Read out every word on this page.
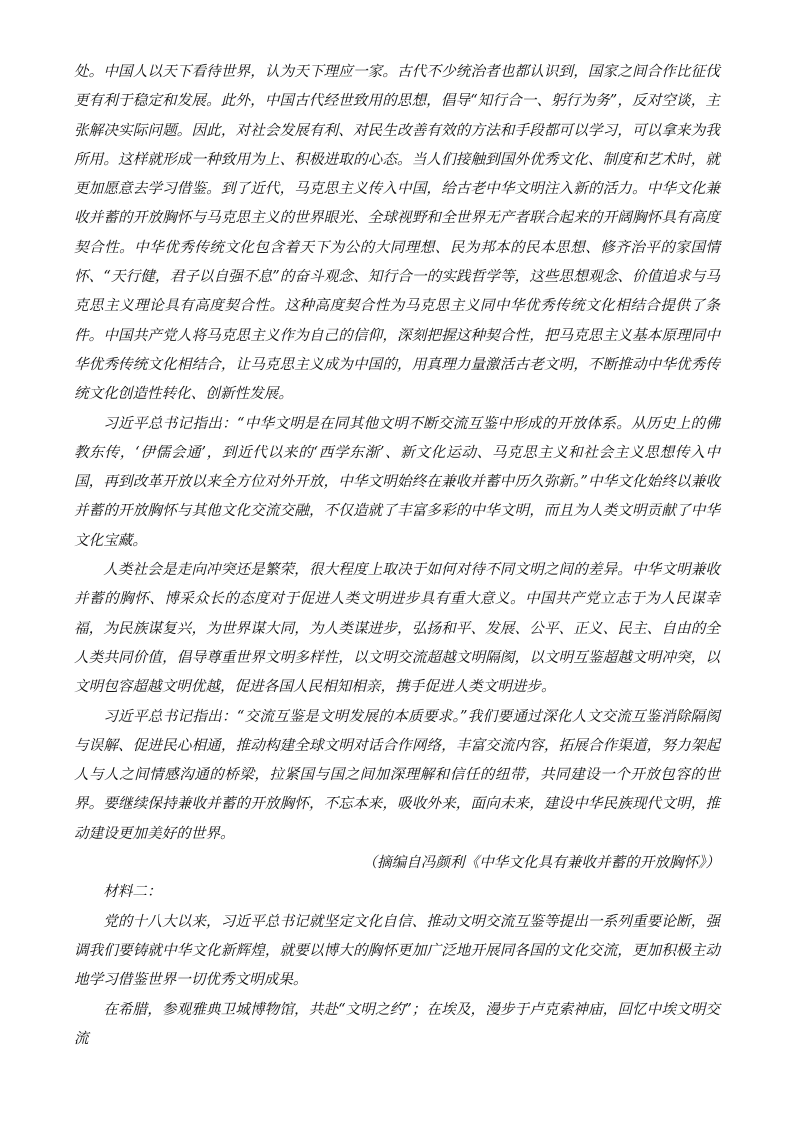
处。中国人以天下看待世界，认为天下理应一家。古代不少统治者也都认识到，国家之间合作比征伐更有利于稳定和发展。此外，中国古代经世致用的思想，倡导“知行合一、躬行为务”，反对空谈，主张解决实际问题。因此，对社会发展有利、对民生改善有效的方法和手段都可以学习，可以拿来为我所用。这样就形成一种致用为上、积极进取的心态。当人们接触到国外优秀文化、制度和艺术时，就更加愿意去学习借鉴。到了近代，马克思主义传入中国，给古老中华文明注入新的活力。中华文化兼收并蓄的开放胸怀与马克思主义的世界眼光、全球视野和全世界无产者联合起来的开阔胸怀具有高度契合性。中华优秀传统文化包含着天下为公的大同理想、民为邦本的民本思想、修齐治平的家国情怀、“天行健，君子以自强不息”的奋斗观念、知行合一的实践哲学等，这些思想观念、价值追求与马克思主义理论具有高度契合性。这种高度契合性为马克思主义同中华优秀传统文化相结合提供了条件。中国共产党人将马克思主义作为自己的信仰，深刻把握这种契合性，把马克思主义基本原理同中华优秀传统文化相结合，让马克思主义成为中国的，用真理力量激活古老文明，不断推动中华优秀传统文化创造性转化、创新性发展。

习近平总书记指出：“中华文明是在同其他文明不断交流互鉴中形成的开放体系。从历史上的佛教东传，‘伊儒会通’，到近代以来的‘西学东渐’、新文化运动、马克思主义和社会主义思想传入中国，再到改革开放以来全方位对外开放，中华文明始终在兼收并蓄中历久弥新。”中华文化始终以兼收并蓄的开放胸怀与其他文化交流交融，不仅造就了丰富多彩的中华文明，而且为人类文明贡献了中华文化宝藏。

人类社会是走向冲突还是繁荣，很大程度上取决于如何对待不同文明之间的差异。中华文明兼收并蓄的胸怀、博采众长的态度对于促进人类文明进步具有重大意义。中国共产党立志于为人民谋幸福，为民族谋复兴，为世界谋大同，为人类谋进步，弘扬和平、发展、公平、正义、民主、自由的全人类共同价值，倡导尊重世界文明多样性，以文明交流超越文明隔阂，以文明互鉴超越文明冲突，以文明包容超越文明优越，促进各国人民相知相亲，携手促进人类文明进步。

习近平总书记指出：“交流互鉴是文明发展的本质要求。”我们要通过深化人文交流互鉴消除隔阂与误解、促进民心相通，推动构建全球文明对话合作网络，丰富交流内容，拓展合作渠道，努力架起人与人之间情感沟通的桥梁，拉紧国与国之间加深理解和信任的纽带，共同建设一个开放包容的世界。要继续保持兼收并蓄的开放胸怀，不忘本来，吸收外来，面向未来，建设中华民族现代文明，推动建设更加美好的世界。

（摘编自冯颜利《中华文化具有兼收并蓄的开放胸怀》）

材料二：

党的十八大以来，习近平总书记就坚定文化自信、推动文明交流互鉴等提出一系列重要论断，强调我们要铸就中华文化新辉煌，就要以博大的胸怀更加广泛地开展同各国的文化交流，更加积极主动地学习借鉴世界一切优秀文明成果。

在希腊，参观雅典卫城博物馆，共赴“文明之约”；在埃及，漫步于卢克索神庙，回忆中埃文明交流
